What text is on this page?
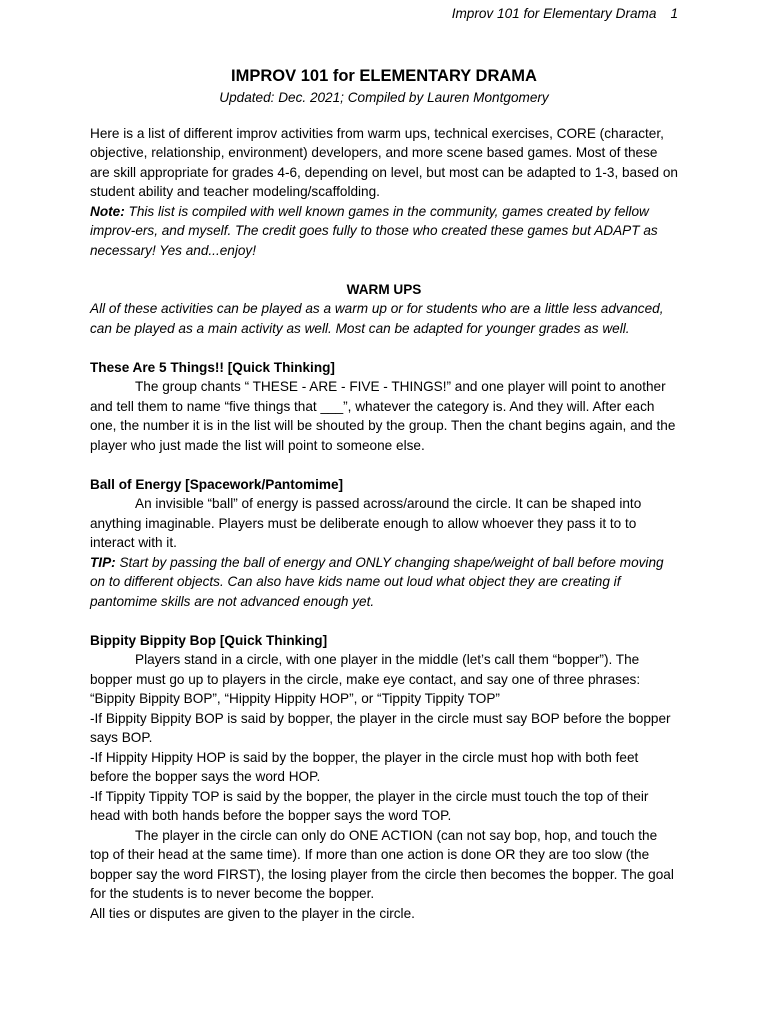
Improv 101 for Elementary Drama 1

IMPROV 101 for ELEMENTARY DRAMA

Updated: Dec. 2021; Compiled by Lauren Montgomery

Here is a list of different improv activities from warm ups, technical exercises, CORE (character, objective, relationship, environment) developers, and more scene based games. Most of these are skill appropriate for grades 4-6, depending on level, but most can be adapted to 1-3, based on student ability and teacher modeling/scaffolding.

Note: This list is compiled with well known games in the community, games created by fellow improv-ers, and myself. The credit goes fully to those who created these games but ADAPT as necessary! Yes and...enjoy!

WARM UPS

All of these activities can be played as a warm up or for students who are a little less advanced, can be played as a main activity as well. Most can be adapted for younger grades as well.

These Are 5 Things!! [Quick Thinking]

The group chants “ THESE - ARE - FIVE - THINGS!” and one player will point to another and tell them to name “five things that ___”, whatever the category is. And they will. After each one, the number it is in the list will be shouted by the group. Then the chant begins again, and the player who just made the list will point to someone else.

Ball of Energy [Spacework/Pantomime]

An invisible “ball” of energy is passed across/around the circle. It can be shaped into anything imaginable. Players must be deliberate enough to allow whoever they pass it to to interact with it.

TIP: Start by passing the ball of energy and ONLY changing shape/weight of ball before moving on to different objects. Can also have kids name out loud what object they are creating if pantomime skills are not advanced enough yet.

Bippity Bippity Bop [Quick Thinking]

Players stand in a circle, with one player in the middle (let’s call them “bopper”). The bopper must go up to players in the circle, make eye contact, and say one of three phrases: “Bippity Bippity BOP”, “Hippity Hippity HOP”, or “Tippity Tippity TOP”

-If Bippity Bippity BOP is said by bopper, the player in the circle must say BOP before the bopper says BOP.

-If Hippity Hippity HOP is said by the bopper, the player in the circle must hop with both feet before the bopper says the word HOP.

-If Tippity Tippity TOP is said by the bopper, the player in the circle must touch the top of their head with both hands before the bopper says the word TOP.

The player in the circle can only do ONE ACTION (can not say bop, hop, and touch the top of their head at the same time). If more than one action is done OR they are too slow (the bopper say the word FIRST), the losing player from the circle then becomes the bopper. The goal for the students is to never become the bopper.

All ties or disputes are given to the player in the circle.
